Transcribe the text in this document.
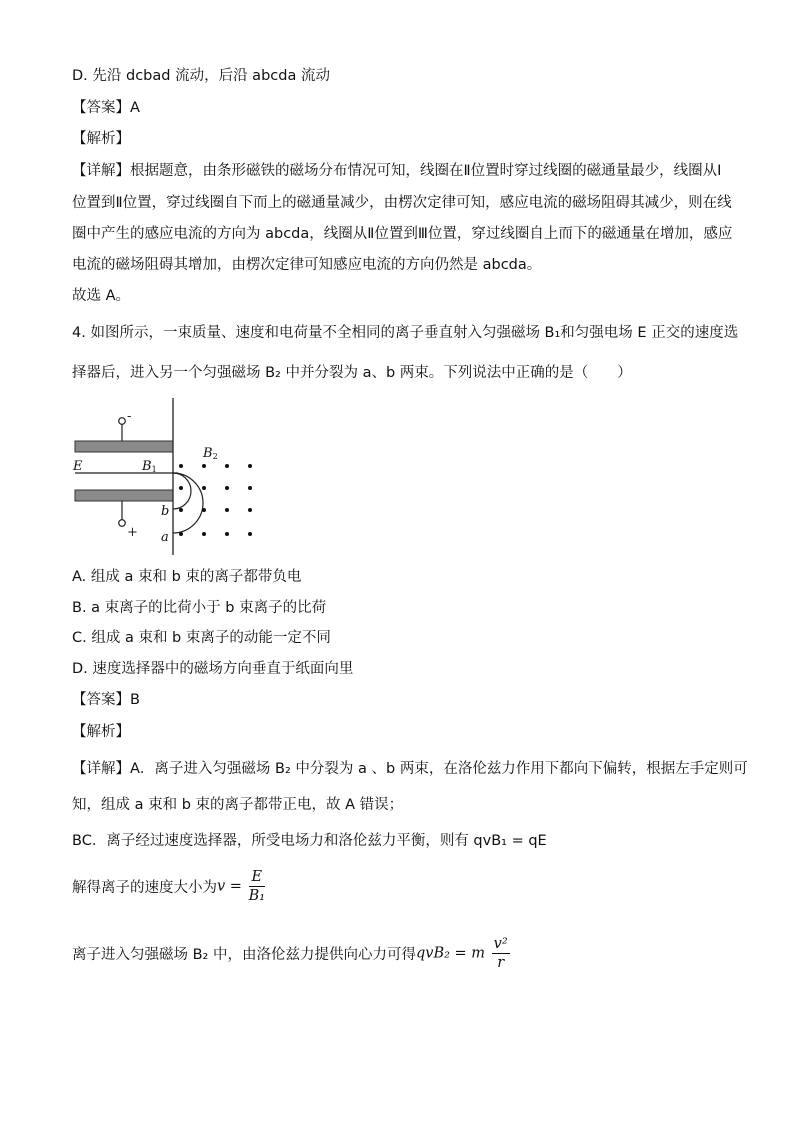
D. 先沿 dcbad 流动，后沿 abcda 流动
【答案】A
【解析】
【详解】根据题意，由条形磁铁的磁场分布情况可知，线圈在Ⅱ位置时穿过线圈的磁通量最少，线圈从Ⅰ
位置到Ⅱ位置，穿过线圈自下而上的磁通量减少，由楞次定律可知，感应电流的磁场阻碍其减少，则在线
圈中产生的感应电流的方向为 abcda，线圈从Ⅱ位置到Ⅲ位置，穿过线圈自上而下的磁通量在增加，感应
电流的磁场阻碍其增加，由楞次定律可知感应电流的方向仍然是 abcda。
故选 A。
4. 如图所示，一束质量、速度和电荷量不全相同的离子垂直射入匀强磁场 B₁和匀强电场 E 正交的速度选
择器后，进入另一个匀强磁场 B₂ 中并分裂为 a、b 两束。下列说法中正确的是（　　）
-
+
E	B1
B2
b
a
A. 组成 a 束和 b 束的离子都带负电
B. a 束离子的比荷小于 b 束离子的比荷
C. 组成 a 束和 b 束离子的动能一定不同
D. 速度选择器中的磁场方向垂直于纸面向里
【答案】B
【解析】
【详解】A．离子进入匀强磁场 B₂ 中分裂为 a 、b 两束，在洛伦兹力作用下都向下偏转，根据左手定则可
知，组成 a 束和 b 束的离子都带正电，故 A 错误；
BC．离子经过速度选择器，所受电场力和洛伦兹力平衡，则有 qvB₁ = qE
解得离子的速度大小为$v = \frac{E}{\text{B₁}}$
离子进入匀强磁场 B₂ 中，由洛伦兹力提供向心力可得qvB₂ = m $\frac{\text{v²}}{r}$
